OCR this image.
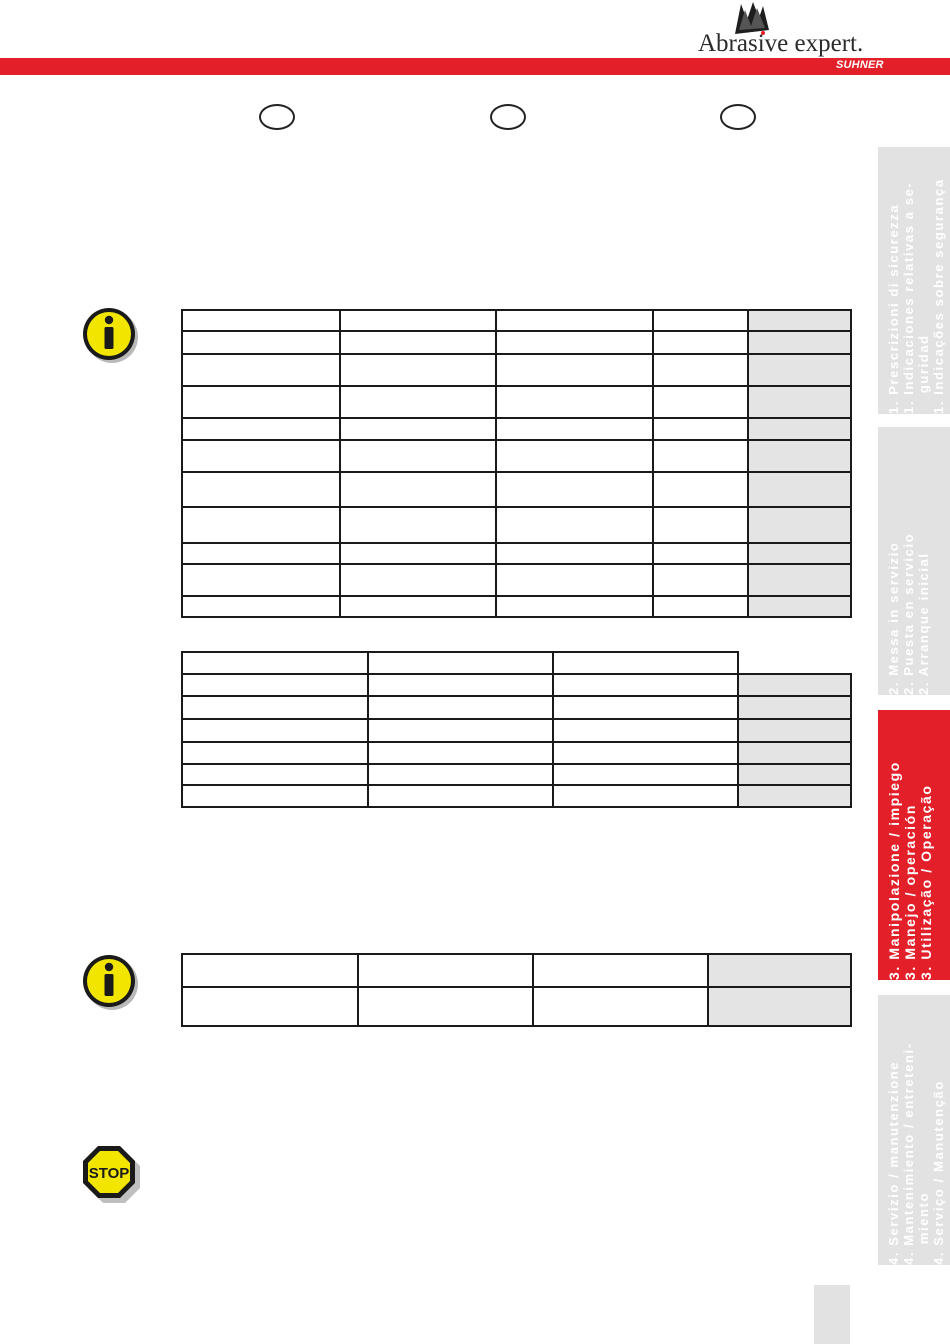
Abrasive expert.
SUHNER

STOP
1. Prescrizioni di sicurezza 1. Indicaciones relativas a se- guridad 1. Indicações sobre segurança
2. Messa in servizio 2. Puesta en servicio 2. Arranque inicial
3. Manipolazione / impiego 3. Manejo / operación 3. Utilização / Operação
4. Servizio / manutenzione 4. Mantenimiento / entreteni- miento 4. Serviço / Manutenção
